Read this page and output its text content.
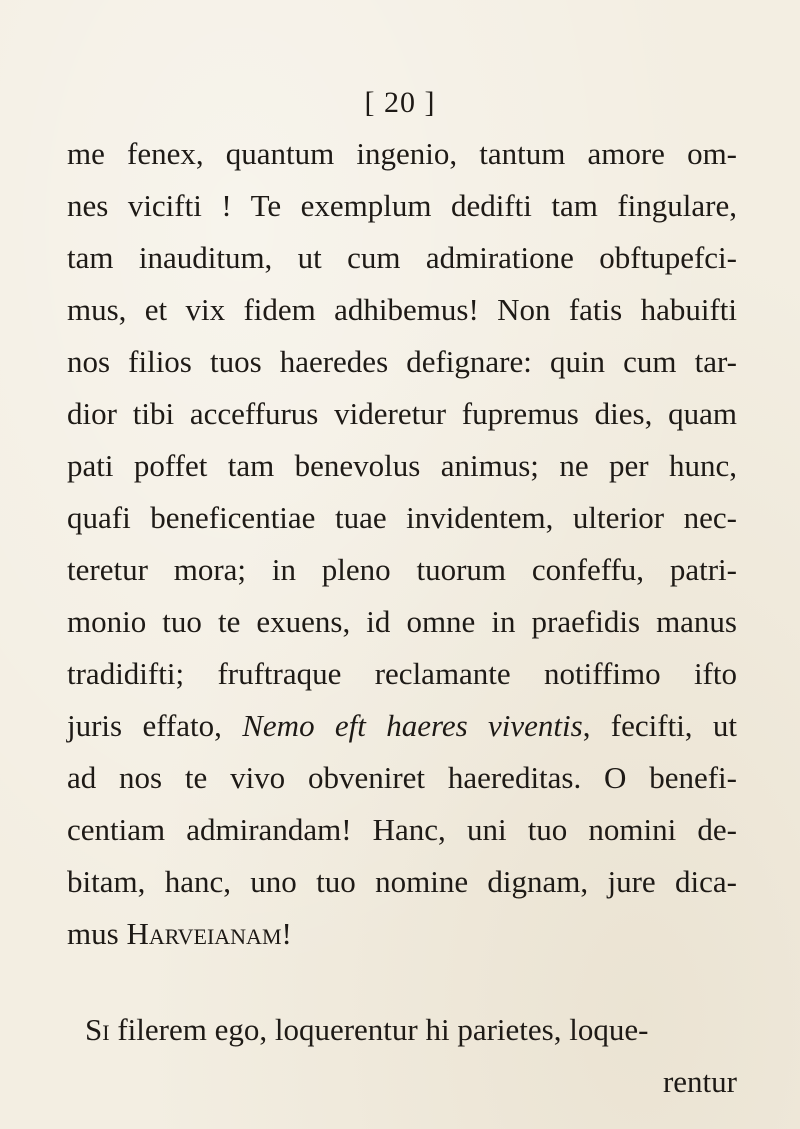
[ 20 ]
me fenex, quantum ingenio, tantum amore om-
nes vicifti ! Te exemplum dedifti tam fingulare,
tam inauditum, ut cum admiratione obftupefci-
mus, et vix fidem adhibemus! Non fatis habuifti
nos filios tuos haeredes defignare: quin cum tar-
dior tibi acceffurus videretur fupremus dies, quam
pati poffet tam benevolus animus; ne per hunc,
quafi beneficentiae tuae invidentem, ulterior nec-
teretur mora; in pleno tuorum confeffu, patri-
monio tuo te exuens, id omne in praefidis manus
tradidifti; fruftraque reclamante notiffimo ifto
juris effato, Nemo eft haeres viventis, fecifti, ut
ad nos te vivo obveniret haereditas. O benefi-
centiam admirandam! Hanc, uni tuo nomini de-
bitam, hanc, uno tuo nomine dignam, jure dica-
mus Harveianam!
Si filerem ego, loquerentur hi parietes, loque-
rentur
